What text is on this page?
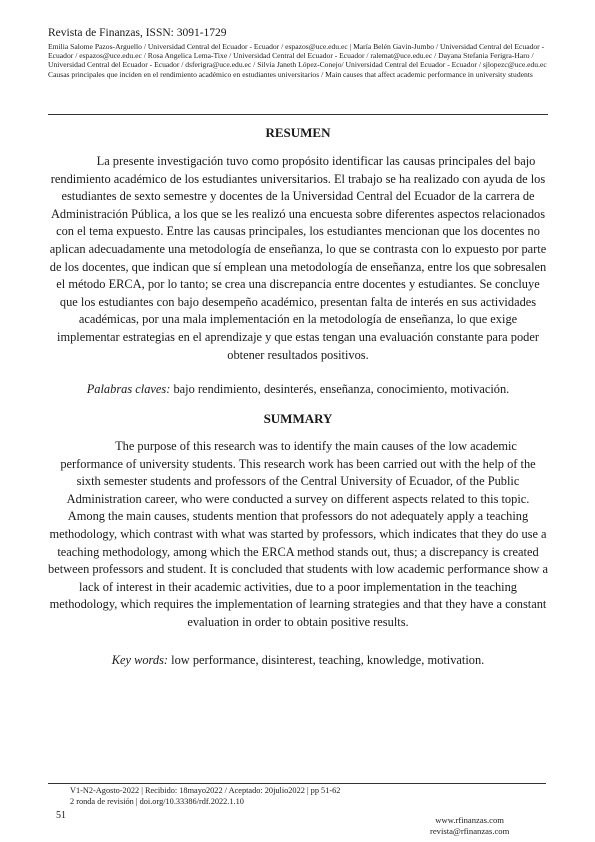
Revista de Finanzas, ISSN: 3091-1729
Emilia Salome Pazos-Arguello / Universidad Central del Ecuador - Ecuador / espazos@uce.edu.ec | María Belén Gavin-Jumbo / Universidad Central del Ecuador - Ecuador / espazos@uce.edu.ec / Rosa Angelica Lema-Tixe / Universidad Central del Ecuador - Ecuador / ralemat@uce.edu.ec / Dayana Stefania Ferigra-Haro / Universidad Central del Ecuador - Ecuador / dsferigra@uce.edu.ec / Silvia Janeth López-Conejo/ Universidad Central del Ecuador - Ecuador / sjlopezc@uce.edu.ec
Causas principales que inciden en el rendimiento académico en estudiantes universitarios / Main causes that affect academic performance in university students
RESUMEN
La presente investigación tuvo como propósito identificar las causas principales del bajo rendimiento académico de los estudiantes universitarios. El trabajo se ha realizado con ayuda de los estudiantes de sexto semestre y docentes de la Universidad Central del Ecuador de la carrera de Administración Pública, a los que se les realizó una encuesta sobre diferentes aspectos relacionados con el tema expuesto. Entre las causas principales, los estudiantes mencionan que los docentes no aplican adecuadamente una metodología de enseñanza, lo que se contrasta con lo expuesto por parte de los docentes, que indican que sí emplean una metodología de enseñanza, entre los que sobresalen el método ERCA, por lo tanto; se crea una discrepancia entre docentes y estudiantes. Se concluye que los estudiantes con bajo desempeño académico, presentan falta de interés en sus actividades académicas, por una mala implementación en la metodología de enseñanza, lo que exige implementar estrategias en el aprendizaje y que estas tengan una evaluación constante para poder obtener resultados positivos.
Palabras claves: bajo rendimiento, desinterés, enseñanza, conocimiento, motivación.
SUMMARY
The purpose of this research was to identify the main causes of the low academic performance of university students. This research work has been carried out with the help of the sixth semester students and professors of the Central University of Ecuador, of the Public Administration career, who were conducted a survey on different aspects related to this topic. Among the main causes, students mention that professors do not adequately apply a teaching methodology, which contrast with what was started by professors, which indicates that they do use a teaching methodology, among which the ERCA method stands out, thus; a discrepancy is created between professors and student. It is concluded that students with low academic performance show a lack of interest in their academic activities, due to a poor implementation in the teaching methodology, which requires the implementation of learning strategies and that they have a constant evaluation in order to obtain positive results.
Key words: low performance, disinterest, teaching, knowledge, motivation.
V1-N2-Agosto-2022 | Recibido: 18mayo2022 / Aceptado: 20julio2022 | pp 51-62
2 ronda de revisión | doi.org/10.33386/rdf.2022.1.10
51	www.rfinanzas.com
revista@rfinanzas.com
